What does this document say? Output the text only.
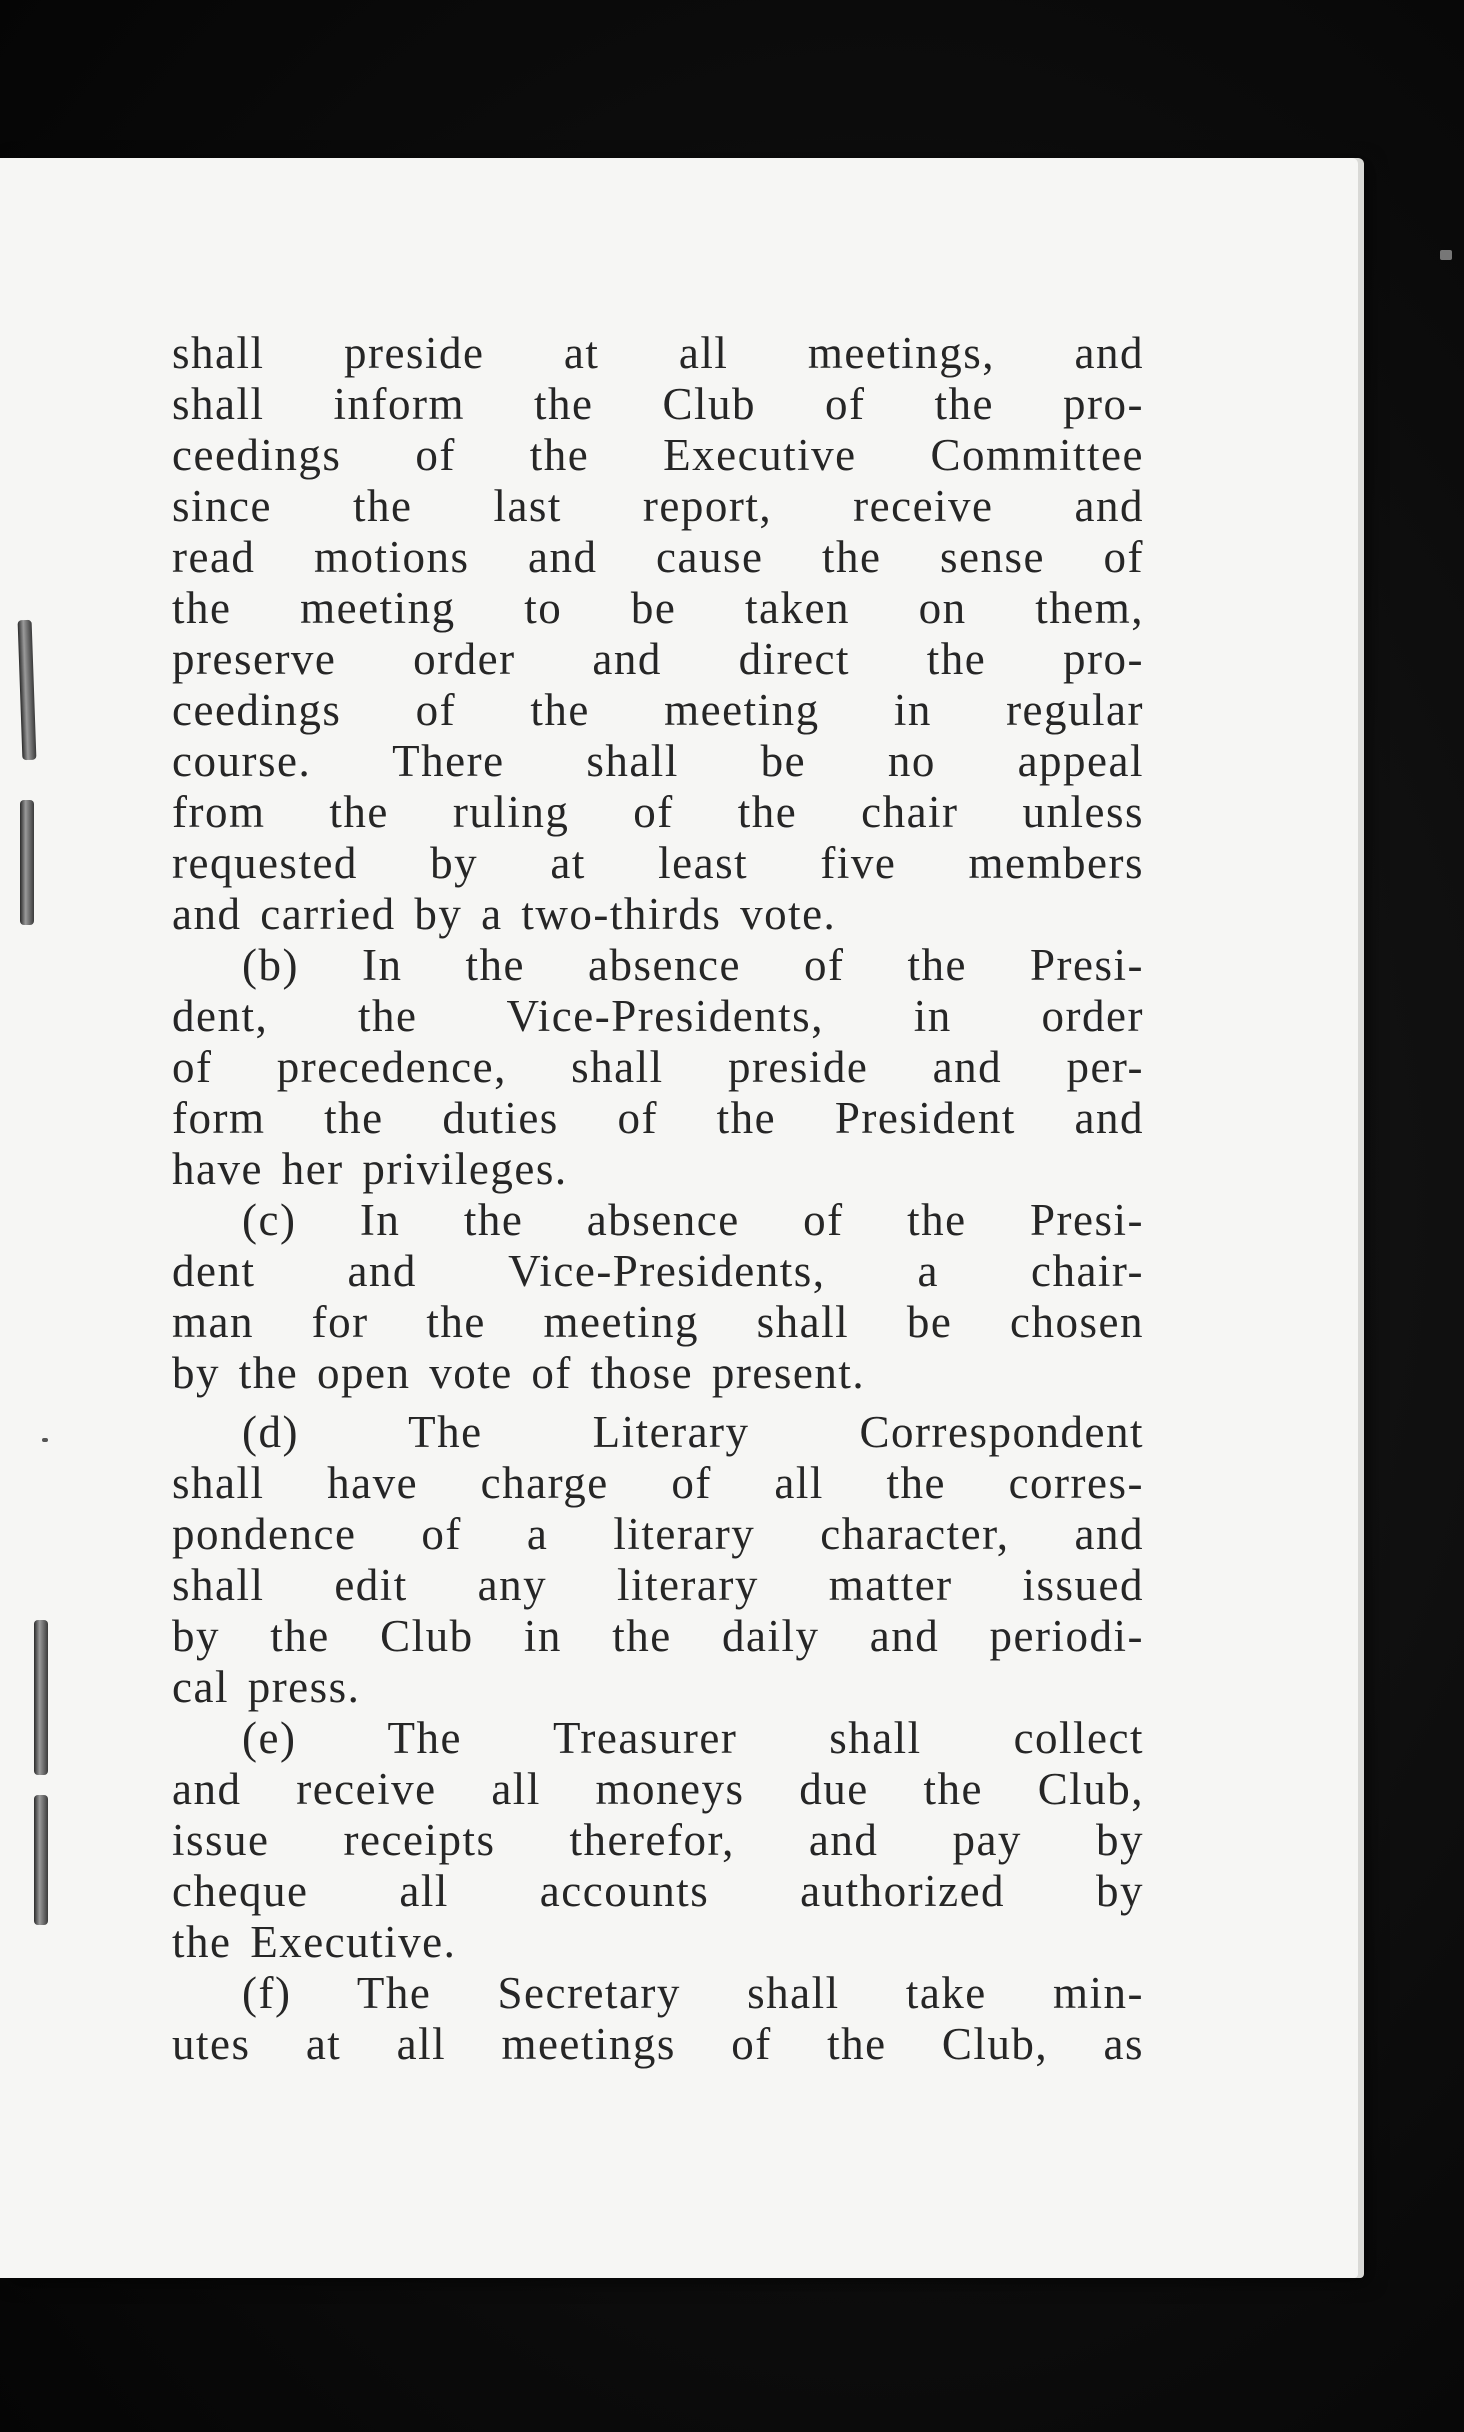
shall preside at all meetings, and
shall inform the Club of the pro-
ceedings of the Executive Committee
since the last report, receive and
read motions and cause the sense of
the meeting to be taken on them,
preserve order and direct the pro-
ceedings of the meeting in regular
course. There shall be no appeal
from the ruling of the chair unless
requested by at least five members
and carried by a two-thirds vote.
(b) In the absence of the Presi-
dent, the Vice-Presidents, in order
of precedence, shall preside and per-
form the duties of the President and
have her privileges.
(c) In the absence of the Presi-
dent and Vice-Presidents, a chair-
man for the meeting shall be chosen
by the open vote of those present.
(d) The Literary Correspondent
shall have charge of all the corres-
pondence of a literary character, and
shall edit any literary matter issued
by the Club in the daily and periodi-
cal press.
(e) The Treasurer shall collect
and receive all moneys due the Club,
issue receipts therefor, and pay by
cheque all accounts authorized by
the Executive.
(f) The Secretary shall take min-
utes at all meetings of the Club, as
